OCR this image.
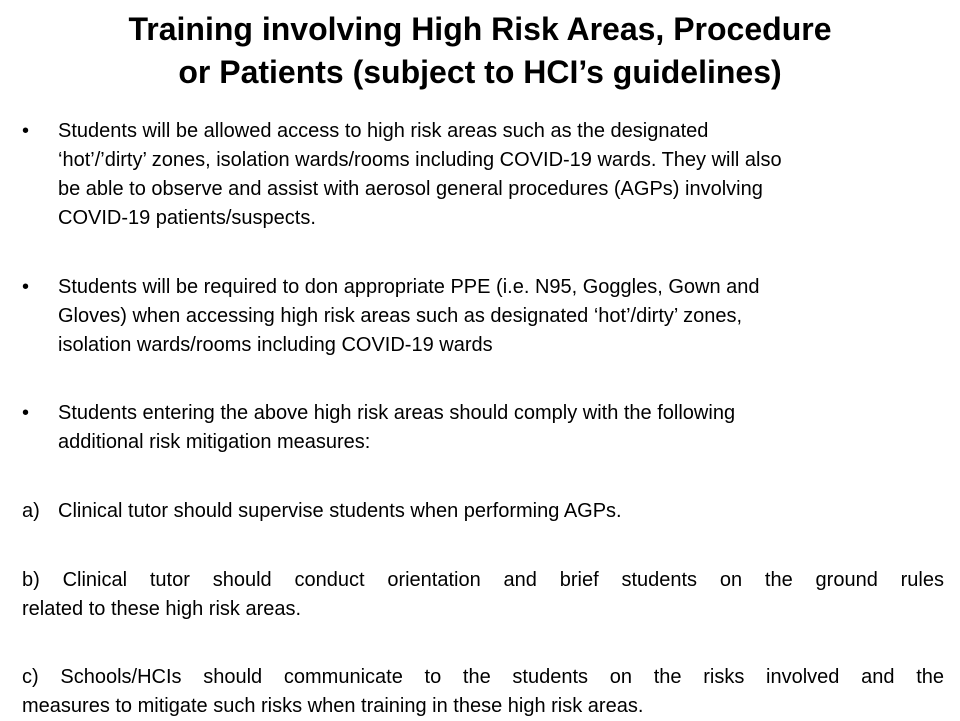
Training involving High Risk Areas, Procedure
or Patients (subject to HCI’s guidelines)
•	Students will be allowed access to high risk areas such as the designated
‘hot’/’dirty’ zones, isolation wards/rooms including COVID-19 wards. They will also
be able to observe and assist with aerosol general procedures (AGPs) involving
COVID-19 patients/suspects.
•	Students will be required to don appropriate PPE (i.e. N95, Goggles, Gown and
Gloves) when accessing high risk areas such as designated ‘hot’/dirty’ zones,
isolation wards/rooms including COVID-19 wards
•	Students entering the above high risk areas should comply with the following
additional risk mitigation measures:
a) Clinical tutor should supervise students when performing AGPs.
b) Clinical tutor should conduct orientation and brief students on the ground rules
related to these high risk areas.
c) Schools/HCIs should communicate to the students on the risks involved and the
measures to mitigate such risks when training in these high risk areas.
